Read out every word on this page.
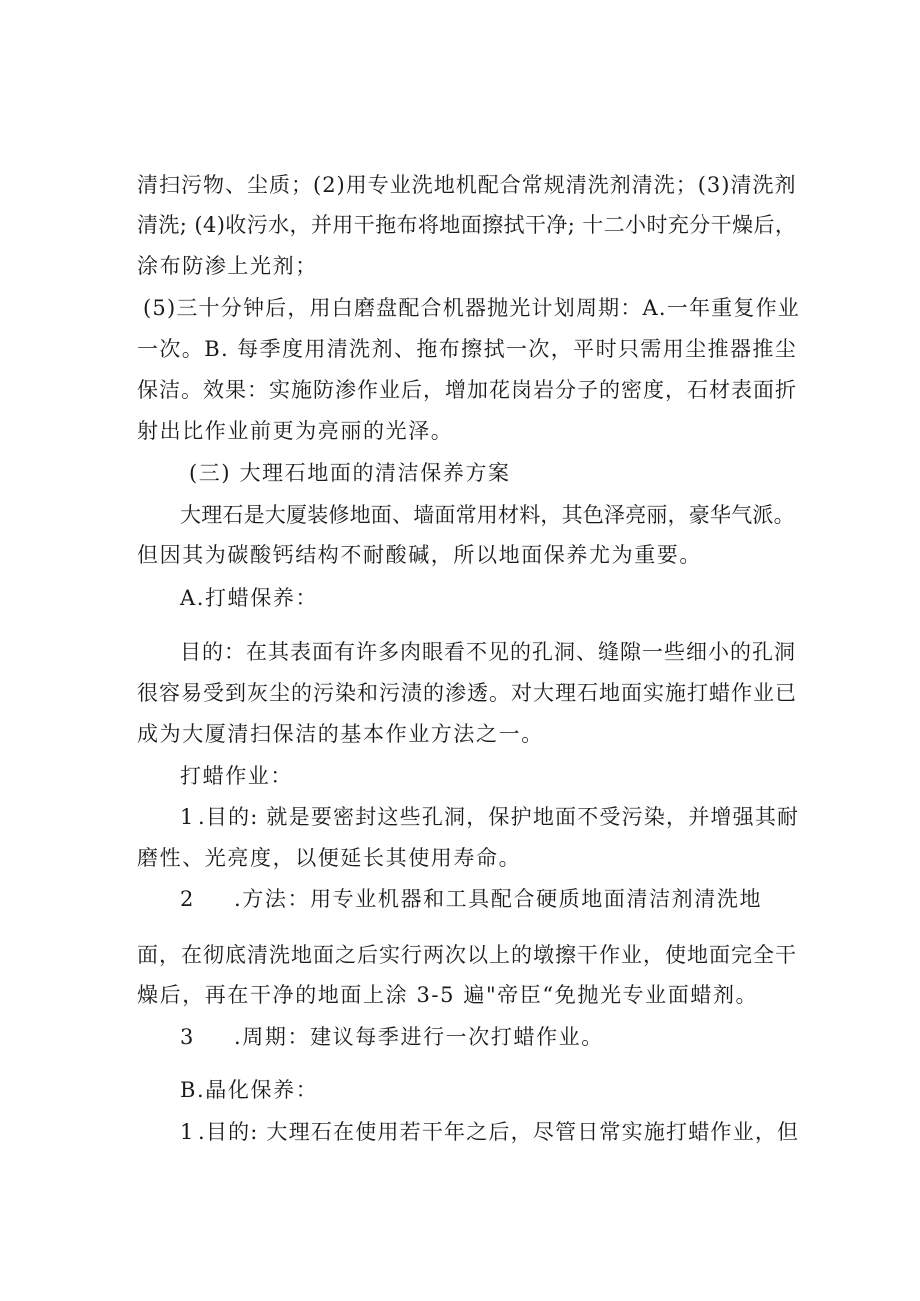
清扫污物、尘质；(2)用专业洗地机配合常规清洗剂清洗；(3)清洗剂
清洗; (4)收污水，并用干拖布将地面擦拭干净; 十二小时充分干燥后，
涂布防渗上光剂；
(5)三十分钟后，用白磨盘配合机器抛光计划周期：A.一年重复作业
一次。B. 每季度用清洗剂、拖布擦拭一次，平时只需用尘推器推尘
保洁。效果：实施防渗作业后，增加花岗岩分子的密度，石材表面折
射出比作业前更为亮丽的光泽。
(三) 大理石地面的清洁保养方案
大理石是大厦装修地面、墙面常用材料，其色泽亮丽，豪华气派。
但因其为碳酸钙结构不耐酸碱，所以地面保养尤为重要。
A.打蜡保养：
目的：在其表面有许多肉眼看不见的孔洞、缝隙一些细小的孔洞
很容易受到灰尘的污染和污渍的渗透。对大理石地面实施打蜡作业已
成为大厦清扫保洁的基本作业方法之一。
打蜡作业：
1 .目的: 就是要密封这些孔洞，保护地面不受污染，并增强其耐
磨性、光亮度，以便延长其使用寿命。
2 .方法：用专业机器和工具配合硬质地面清洁剂清洗地
面，在彻底清洗地面之后实行两次以上的墩擦干作业，使地面完全干
燥后，再在干净的地面上涂 3-5 遍"帝臣“免抛光专业面蜡剂。
3 .周期：建议每季进行一次打蜡作业。
B.晶化保养：
1 .目的: 大理石在使用若干年之后，尽管日常实施打蜡作业，但
